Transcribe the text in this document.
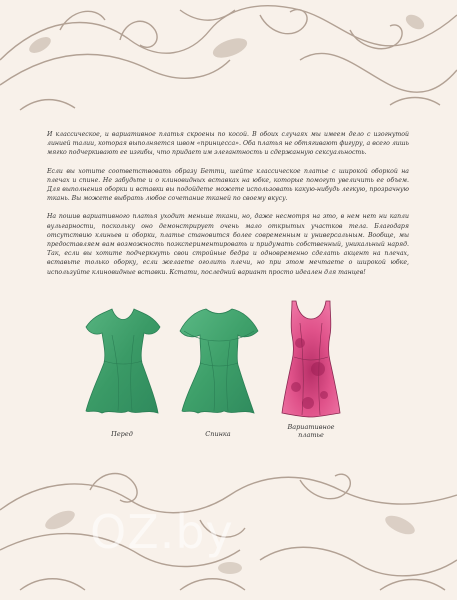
И классическое, и вариативное платья скроены по косой. В обоих случаях мы имеем дело с изогнутой линией талии, которая выполняется швом «принцесса». Оба платья не обтягивают фигуру, а всего лишь мягко подчеркивают ее изгибы, что придает им элегантность и сдержанную сексуальность.

Если вы хотите соответствовать образу Бетти, шейте классическое платье с широкой оборкой на плечах и спине. Не забудьте и о клиновидных вставках на юбке, которые помогут увеличить ее объем. Для выполнения оборки и вставки вы подойдете можете использовать какую-нибудь легкую, прозрачную ткань. Вы можете выбрать любое сочетание тканей по своему вкусу.

На пошив вариативного платья уходит меньше ткани, но, даже несмотря на это, в нем нет ни капли вульгарности, поскольку оно демонстрирует очень мало открытых участков тела. Благодаря отсутствию клиньев и оборки, платье становится более современным и универсальным. Вообще, мы предоставляем вам возможность поэкспериментировать и придумать собственный, уникальный наряд. Так, если вы хотите подчеркнуть свои стройные бедра и одновременно сделать акцент на плечах, вставьте только оборку, если желаете оголить плечи, но при этом мечтаете о широкой юбке, используйте клиновидные вставки. Кстати, последний вариант просто идеален для танцев!

Перед	Спинка
Вариативное
платье
OZ.by
